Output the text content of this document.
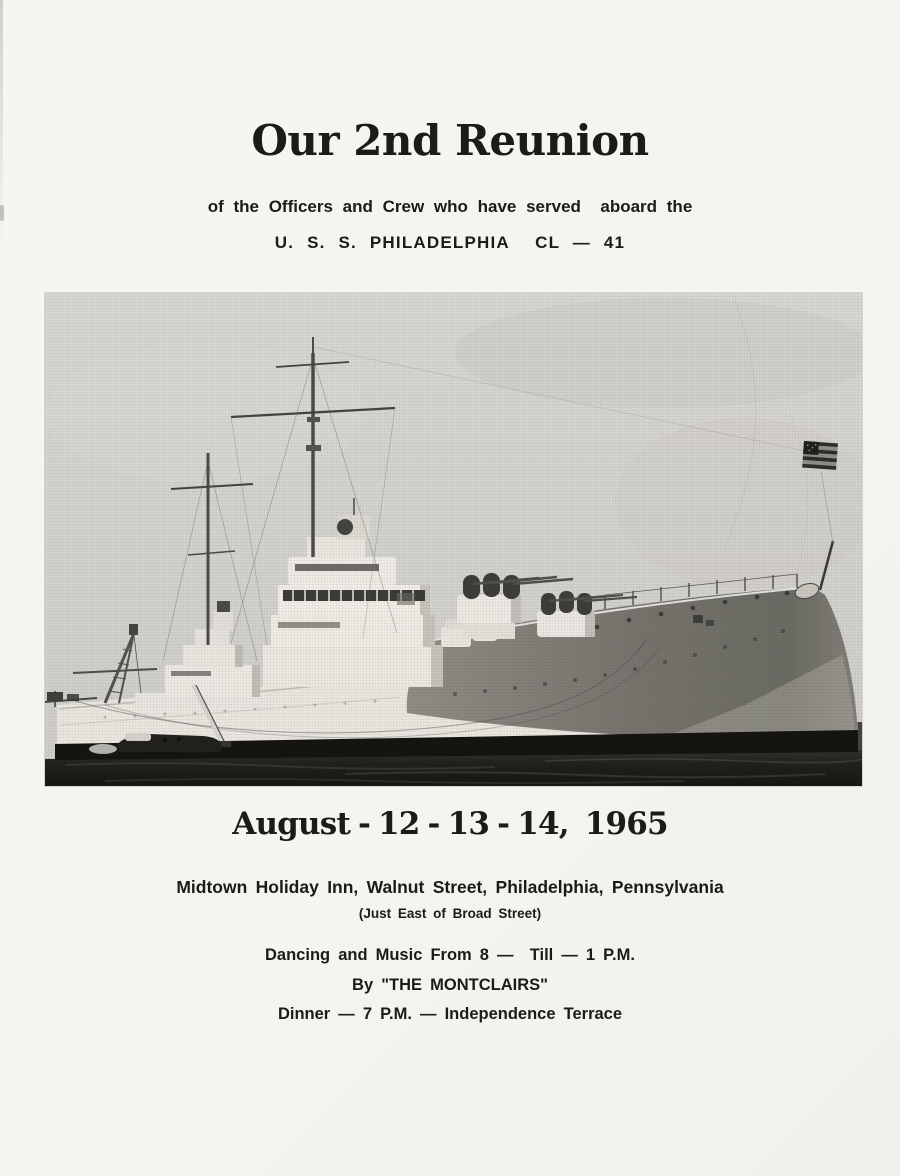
Our 2nd Reunion
of the Officers and Crew who have served  aboard the
U. S. S. PHILADELPHIA  CL — 41
August - 12 - 13 - 14,  1965
Midtown Holiday Inn, Walnut Street, Philadelphia, Pennsylvania
(Just East of Broad Street)
Dancing and Music From 8 —  Till — 1 P.M.
By "THE MONTCLAIRS"
Dinner — 7 P.M. — Independence Terrace
